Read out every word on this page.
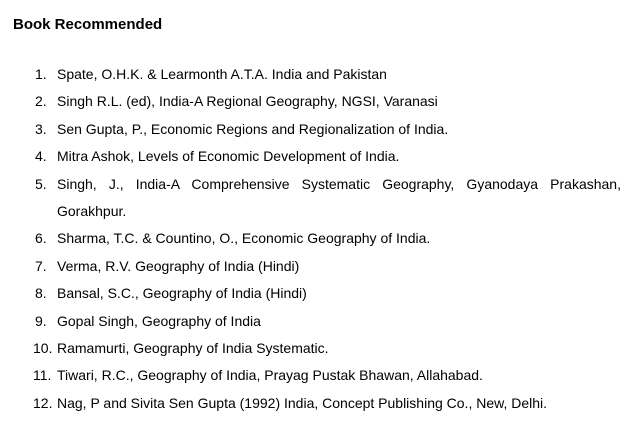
Book Recommended
1. Spate, O.H.K. & Learmonth A.T.A. India and Pakistan
2. Singh R.L. (ed), India-A Regional Geography, NGSI, Varanasi
3. Sen Gupta, P., Economic Regions and Regionalization of India.
4. Mitra Ashok, Levels of Economic Development of India.
5. Singh, J., India-A Comprehensive Systematic Geography, Gyanodaya Prakashan, Gorakhpur.
6. Sharma, T.C. & Countino, O., Economic Geography of India.
7. Verma, R.V. Geography of India (Hindi)
8. Bansal, S.C., Geography of India (Hindi)
9. Gopal Singh, Geography of India
10. Ramamurti, Geography of India Systematic.
11. Tiwari, R.C., Geography of India, Prayag Pustak Bhawan, Allahabad.
12. Nag, P and Sivita Sen Gupta (1992) India, Concept Publishing Co., New, Delhi.
